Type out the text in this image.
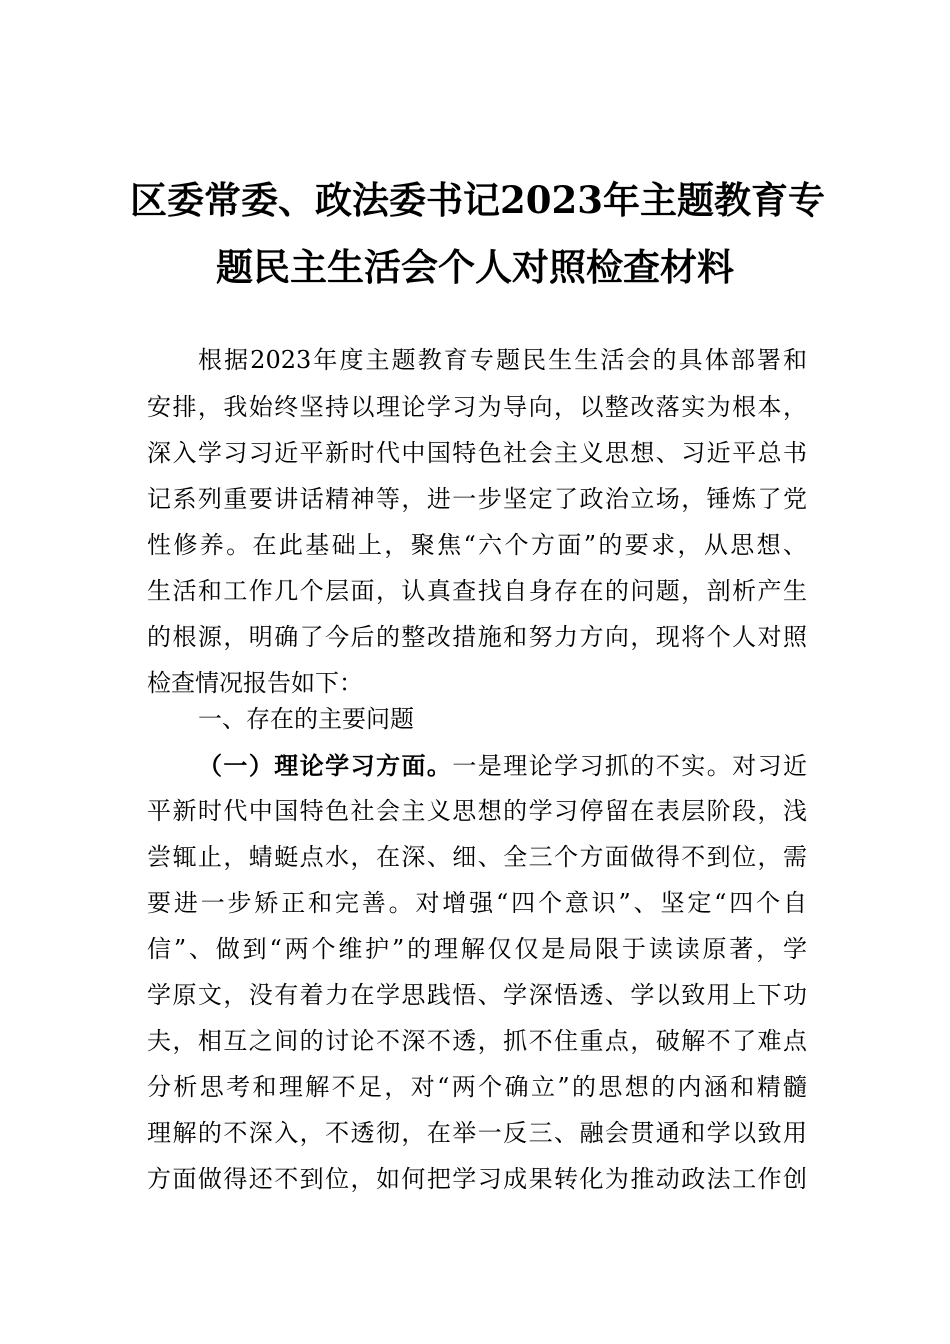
区委常委、政法委书记2023年主题教育专
题民主生活会个人对照检查材料
根据2023年度主题教育专题民生生活会的具体部署和
安排，我始终坚持以理论学习为导向，以整改落实为根本，
深入学习习近平新时代中国特色社会主义思想、习近平总书
记系列重要讲话精神等，进一步坚定了政治立场，锤炼了党
性修养。在此基础上，聚焦“六个方面”的要求，从思想、
生活和工作几个层面，认真查找自身存在的问题，剖析产生
的根源，明确了今后的整改措施和努力方向，现将个人对照
检查情况报告如下：
一、存在的主要问题
（一）理论学习方面。一是理论学习抓的不实。对习近
平新时代中国特色社会主义思想的学习停留在表层阶段，浅
尝辄止，蜻蜓点水，在深、细、全三个方面做得不到位，需
要进一步矫正和完善。对增强“四个意识”、坚定“四个自
信”、做到“两个维护”的理解仅仅是局限于读读原著，学
学原文，没有着力在学思践悟、学深悟透、学以致用上下功
夫，相互之间的讨论不深不透，抓不住重点，破解不了难点
分析思考和理解不足，对“两个确立”的思想的内涵和精髓
理解的不深入，不透彻，在举一反三、融会贯通和学以致用
方面做得还不到位，如何把学习成果转化为推动政法工作创
